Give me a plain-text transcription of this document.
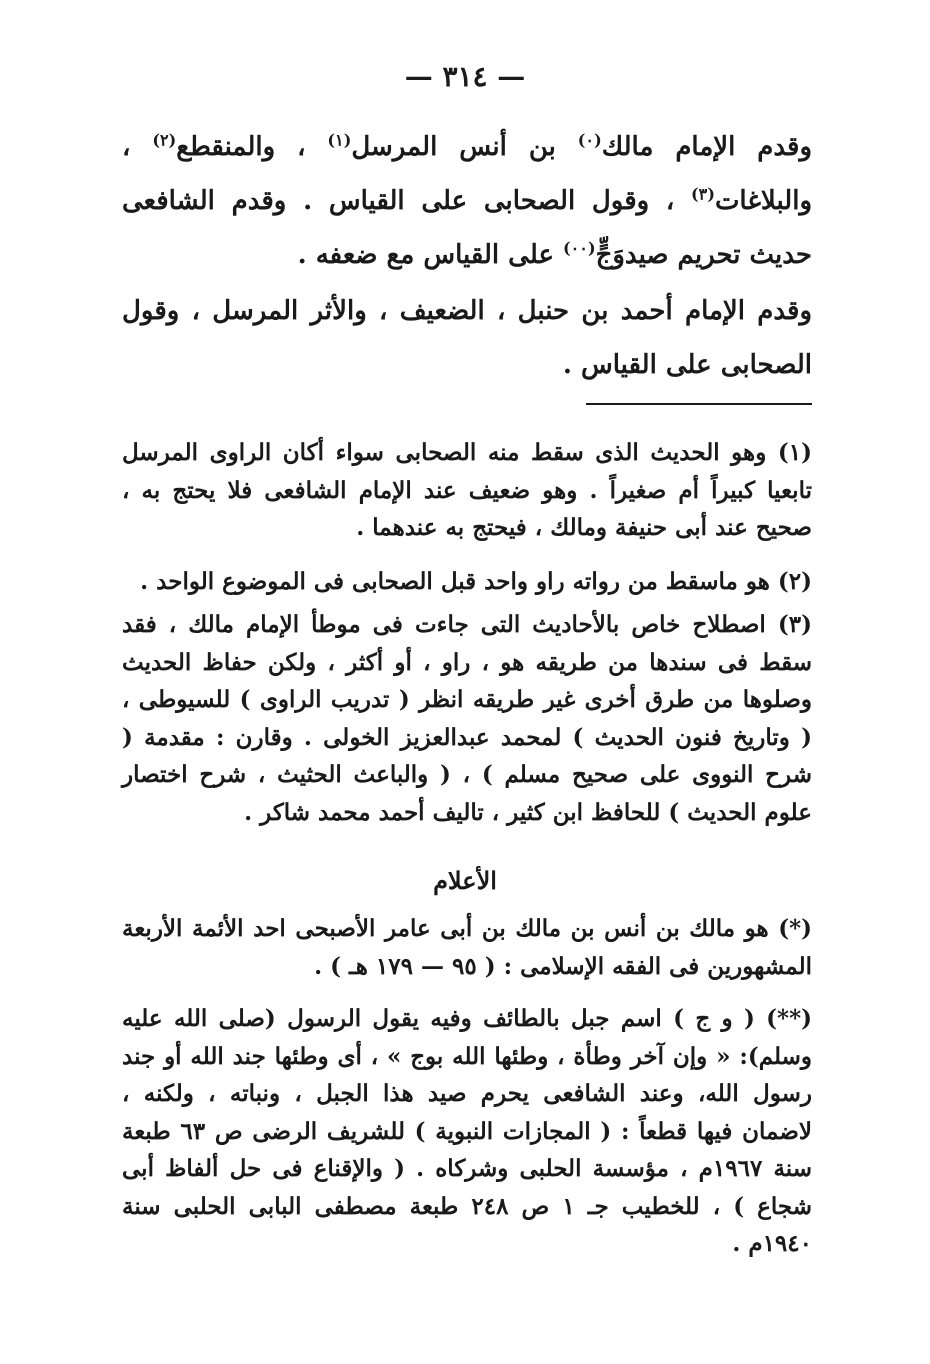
— ٣١٤ —
وقدم الإمام مالك$^{(٠)}$ بن أنس المرسل$^{(١)}$ ، والمنقطع$^{(٢)}$ ، والبلاغات$^{(٣)}$ ، وقول الصحابى على القياس . وقدم الشافعى حديث تحريم صيدوَجٍّ$^{(٠٠)}$ على القياس مع ضعفه .
وقدم الإمام أحمد بن حنبل ، الضعيف ، والأثر المرسل ، وقول الصحابى على القياس .
(١) وهو الحديث الذى سقط منه الصحابى سواء أكان الراوى المرسل تابعيا كبيراً أم صغيراً . وهو ضعيف عند الإمام الشافعى فلا يحتج به ، صحيح عند أبى حنيفة ومالك ، فيحتج به عندهما .
(٢) هو ماسقط من رواته راو واحد قبل الصحابى فى الموضوع الواحد .
(٣) اصطلاح خاص بالأحاديث التى جاءت فى موطأ الإمام مالك ، فقد سقط فى سندها من طريقه هو ، راو ، أو أكثر ، ولكن حفاظ الحديث وصلوها من طرق أخرى غير طريقه انظر ( تدريب الراوى ) للسيوطى ، ( وتاريخ فنون الحديث ) لمحمد عبدالعزيز الخولى . وقارن : مقدمة ( شرح النووى على صحيح مسلم ) ، ( والباعث الحثيث ، شرح اختصار علوم الحديث ) للحافظ ابن كثير ، تاليف أحمد محمد شاكر .
الأعلام
(*) هو مالك بن أنس بن مالك بن أبى عامر الأصبحى احد الأئمة الأربعة المشهورين فى الفقه الإسلامى : ( ٩٥ — ١٧٩ هـ ) .
(**) ( و ج ) اسم جبل بالطائف وفيه يقول الرسول (صلى الله عليه وسلم): « وإن آخر وطأة ، وطئها الله بوج » ، أى وطئها جند الله أو جند رسول الله، وعند الشافعى يحرم صيد هذا الجبل ، ونباته ، ولكنه ، لاضمان فيها قطعاً : ( المجازات النبوية ) للشريف الرضى ص ٦٣ طبعة سنة ١٩٦٧م ، مؤسسة الحلبى وشركاه . ( والإقناع فى حل ألفاظ أبى شجاع ) ، للخطيب جـ ١ ص ٢٤٨ طبعة مصطفى البابى الحلبى سنة ١٩٤٠م .
